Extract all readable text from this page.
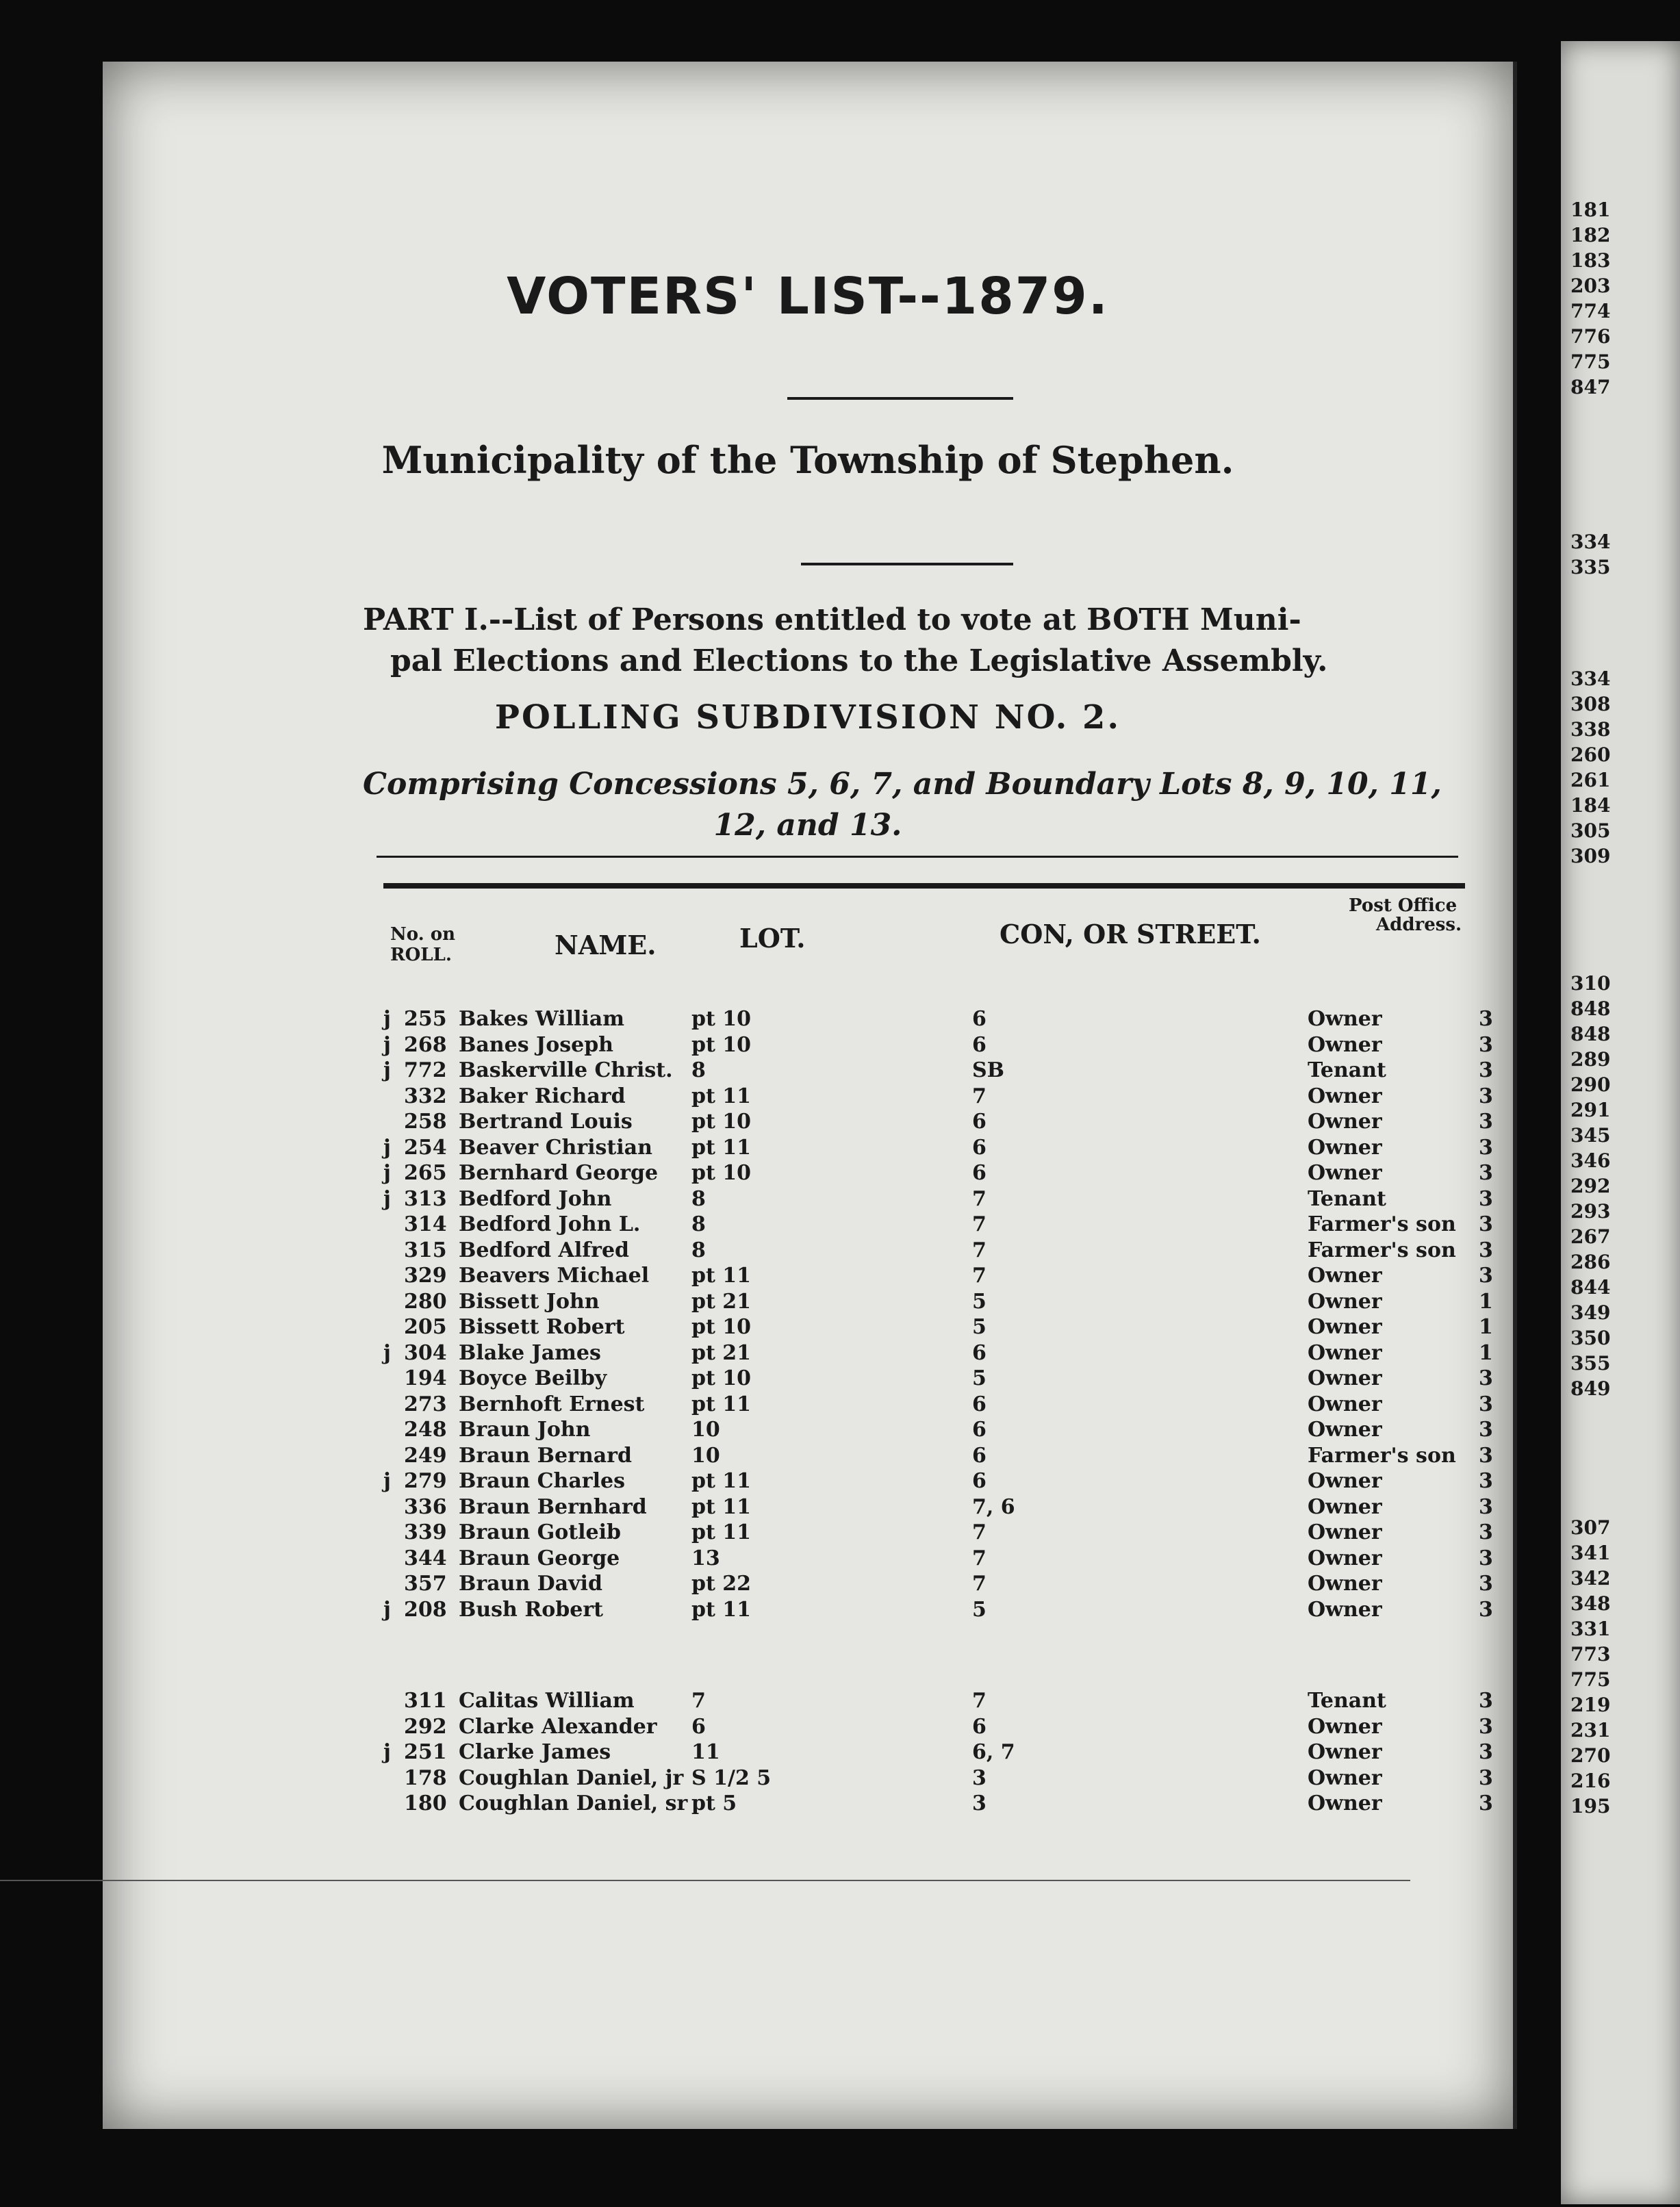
VOTERS' LIST--1879.
Municipality of the Township of Stephen.
PART I.--List of Persons entitled to vote at BOTH Muni-
pal Elections and Elections to the Legislative Assembly.
POLLING SUBDIVISION NO. 2.
Comprising Concessions 5, 6, 7, and Boundary Lots 8, 9, 10, 11,
12, and 13.
No. on
ROLL.	NAME.	LOT.	CON, OR STREET.
Post Office
Address.
j 255 Bakes William	pt 10	6	Owner	3
j 268 Banes Joseph	pt 10	6	Owner	3
j 772 Baskerville Christ. 8	SB	Tenant	3
332 Baker Richard	pt 11	7	Owner	3
258 Bertrand Louis	pt 10	6	Owner	3
j 254 Beaver Christian pt 11	6	Owner	3
j 265 Bernhard George pt 10	6	Owner	3
j 313 Bedford John	8	7	Tenant	3
314 Bedford John L. 8	7	Farmer's son 3
315 Bedford Alfred	8	7	Farmer's son 3
329 Beavers Michael pt 11	7	Owner	3
280 Bissett John	pt 21	5	Owner	1
205 Bissett Robert	pt 10	5	Owner	1
j 304 Blake James	pt 21	6	Owner	1
194 Boyce Beilby	pt 10	5	Owner	3
273 Bernhoft Ernest pt 11	6	Owner	3
248 Braun John	10	6	Owner	3
249 Braun Bernard	10	6	Farmer's son 3
j 279 Braun Charles	pt 11	6	Owner	3
336 Braun Bernhard pt 11	7, 6	Owner	3
339 Braun Gotleib	pt 11	7	Owner	3
344 Braun George	13	7	Owner	3
357 Braun David	pt 22	7	Owner	3
j 208 Bush Robert	pt 11	5	Owner	3
311 Calitas William	7	7	Tenant	3
292 Clarke Alexander 6	6	Owner	3
j 251 Clarke James	11	6, 7	Owner	3
178 Coughlan Daniel, jr S 1/2 5	3	Owner	3
180 Coughlan Daniel, sr pt 5	3	Owner	3
181
182
183
203
774
776
775
847
334
335
334
308
338
260
261
184
305
309
310
848
848
289
290
291
345
346
292
293
267
286
844
349
350
355
849
307
341
342
348
331
773
775
219
231
270
216
195
